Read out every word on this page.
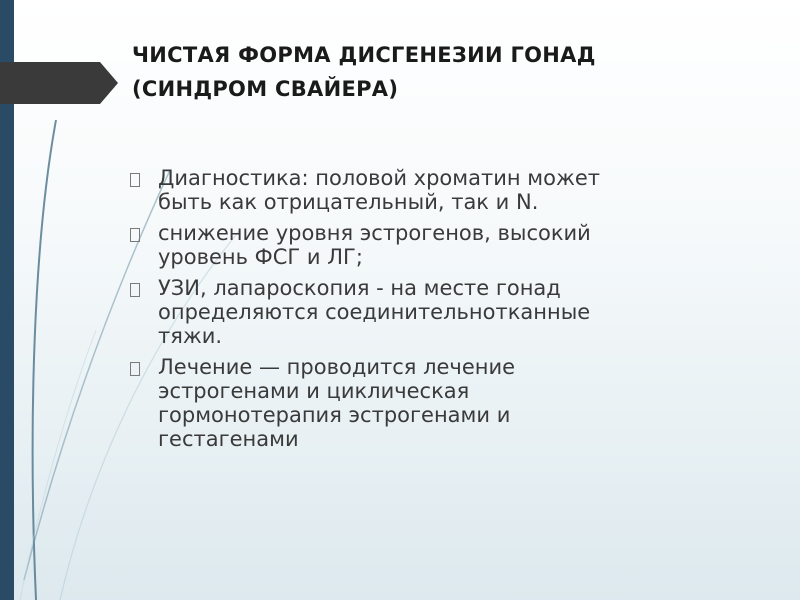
ЧИСТАЯ ФОРМА ДИСГЕНЕЗИИ ГОНАД
(СИНДРОМ СВАЙЕРА)
Диагностика: половой хроматин может
быть как отрицательный, так и N.
снижение уровня эстрогенов, высокий
уровень ФСГ и ЛГ;
УЗИ, лапароскопия - на месте гонад
определяются соединительнотканные
тяжи.
Лечение — проводится лечение
эстрогенами и циклическая
гормонотерапия эстрогенами и
гестагенами
